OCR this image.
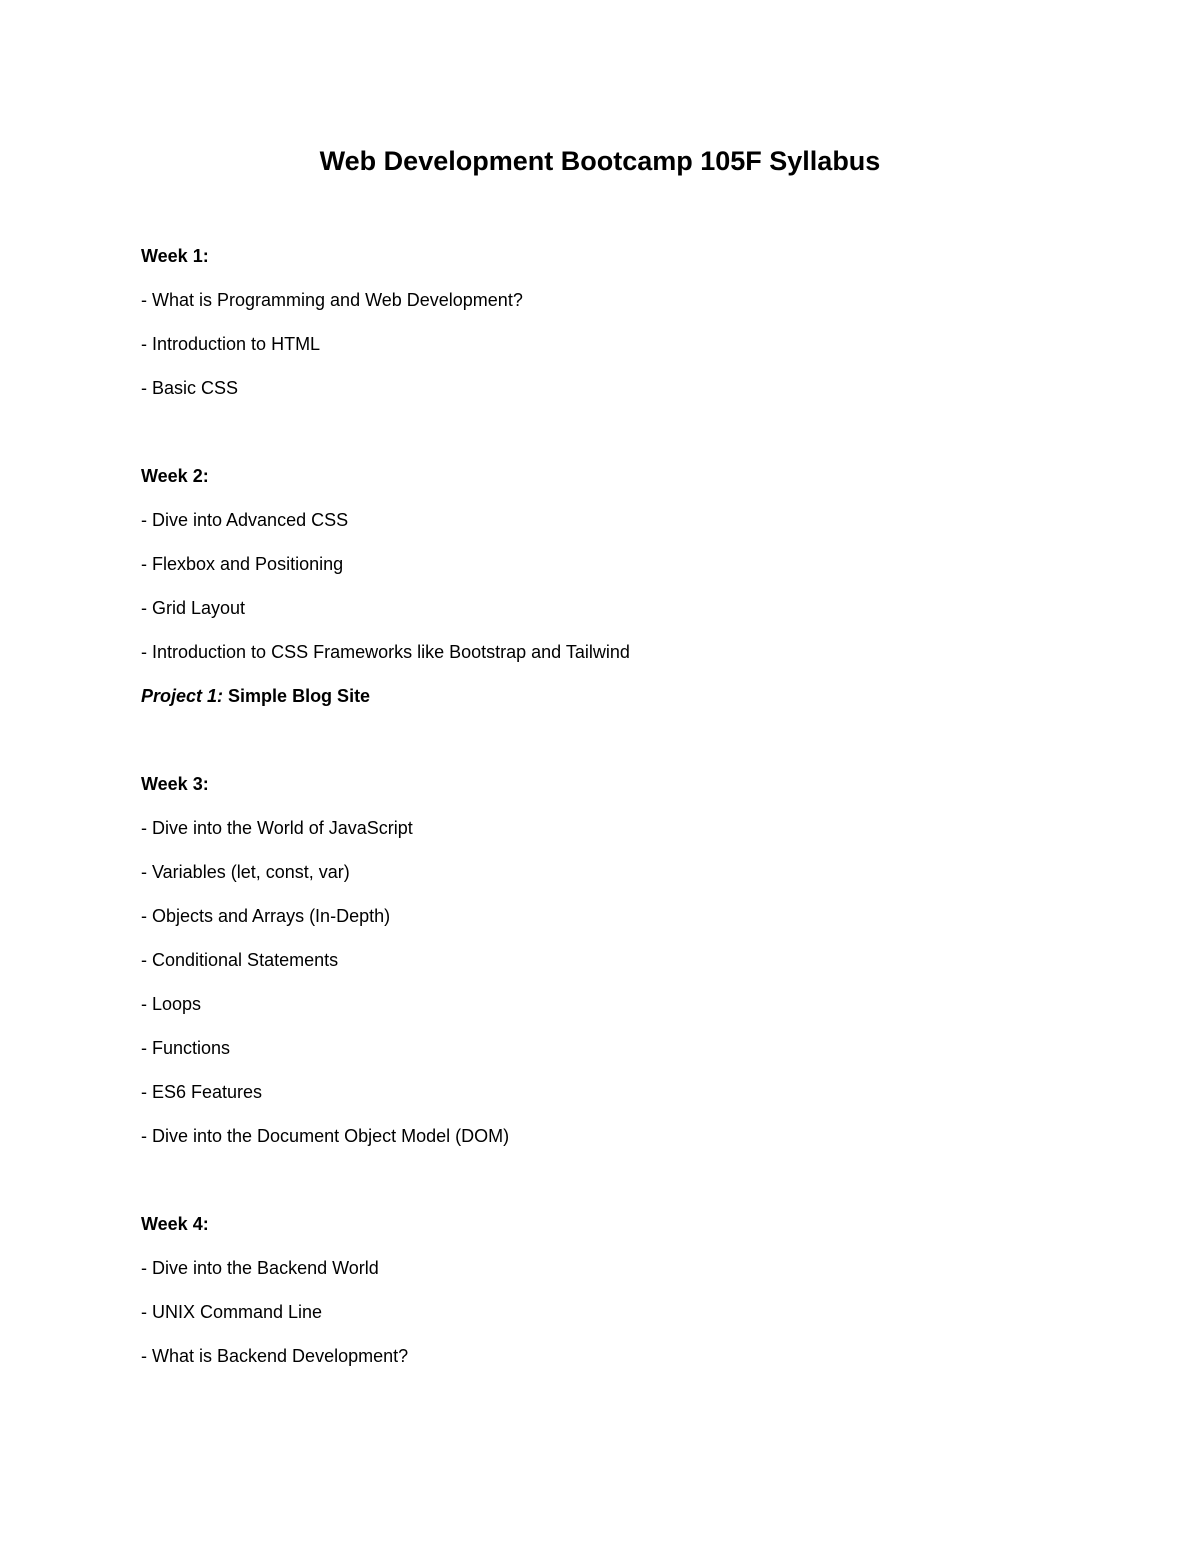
Web Development Bootcamp 105F Syllabus
Week 1:
- What is Programming and Web Development?
- Introduction to HTML
- Basic CSS
Week 2:
- Dive into Advanced CSS
- Flexbox and Positioning
- Grid Layout
- Introduction to CSS Frameworks like Bootstrap and Tailwind
Project 1: Simple Blog Site
Week 3:
- Dive into the World of JavaScript
- Variables (let, const, var)
- Objects and Arrays (In-Depth)
- Conditional Statements
- Loops
- Functions
- ES6 Features
- Dive into the Document Object Model (DOM)
Week 4:
- Dive into the Backend World
- UNIX Command Line
- What is Backend Development?
